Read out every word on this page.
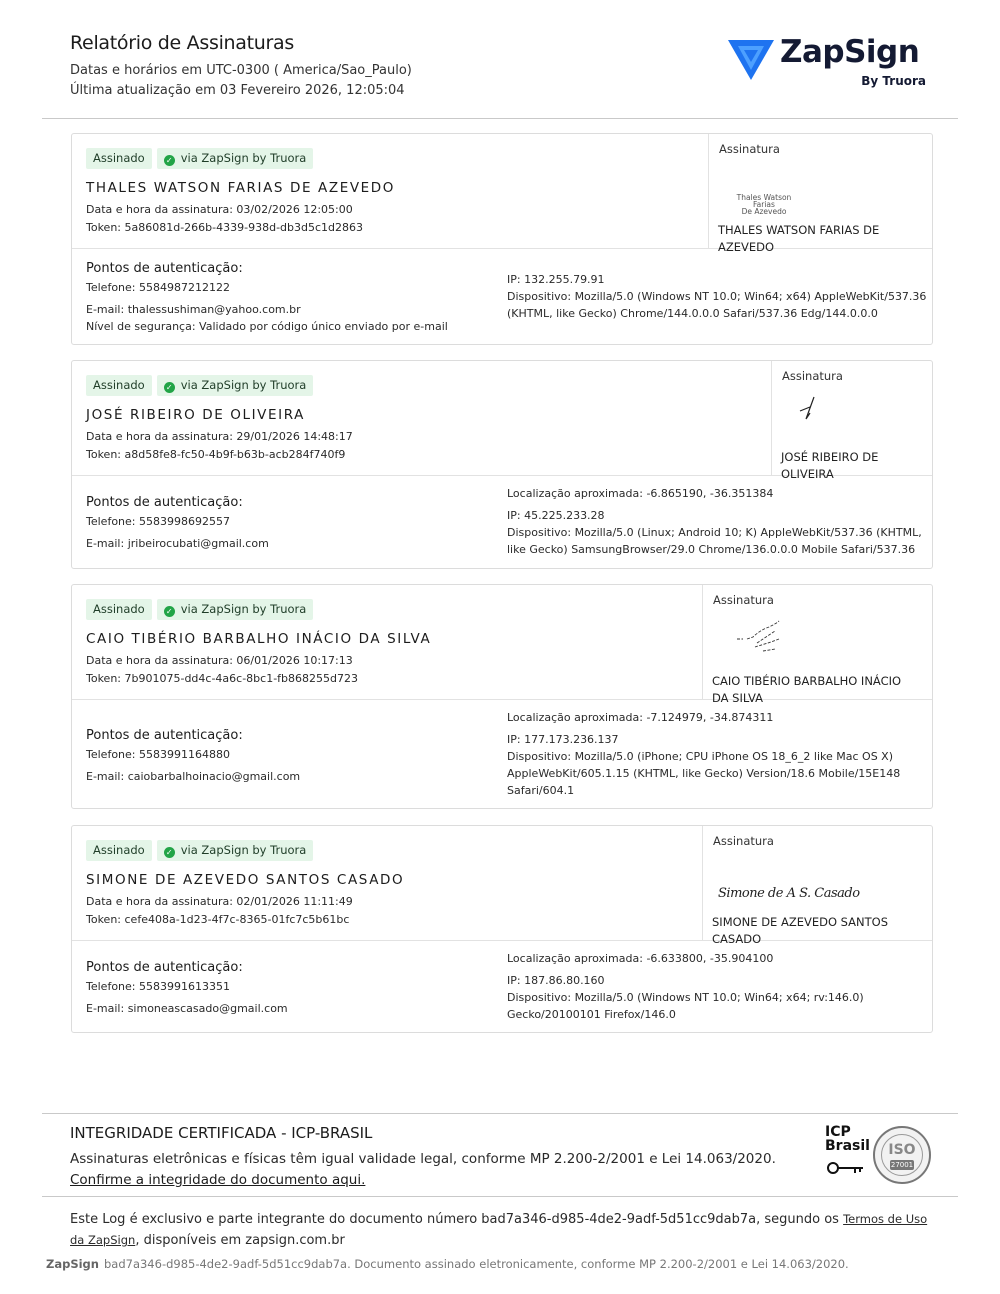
Relatório de Assinaturas
Datas e horários em UTC-0300 ( America/Sao_Paulo)
Última atualização em 03 Fevereiro 2026, 12:05:04
ZapSign
By Truora
Assinado	✓ via ZapSign by Truora
THALES WATSON FARIAS DE AZEVEDO
Data e hora da assinatura: 03/02/2026 12:05:00
Token: 5a86081d-266b-4339-938d-db3d5c1d2863
Assinatura
Thales Watson Farias
De Azevedo
THALES WATSON FARIAS DE AZEVEDO
Pontos de autenticação:
Telefone: 5584987212122
E-mail: thalessushiman@yahoo.com.br
Nível de segurança: Validado por código único enviado por e-mail
IP: 132.255.79.91
Dispositivo: Mozilla/5.0 (Windows NT 10.0; Win64; x64) AppleWebKit/537.36 (KHTML, like Gecko) Chrome/144.0.0.0 Safari/537.36 Edg/144.0.0.0
Assinado	✓ via ZapSign by Truora
JOSÉ RIBEIRO DE OLIVEIRA
Data e hora da assinatura: 29/01/2026 14:48:17
Token: a8d58fe8-fc50-4b9f-b63b-acb284f740f9
Assinatura
JOSÉ RIBEIRO DE OLIVEIRA
Pontos de autenticação:
Telefone: 5583998692557
E-mail: jribeirocubati@gmail.com
Localização aproximada: -6.865190, -36.351384
IP: 45.225.233.28
Dispositivo: Mozilla/5.0 (Linux; Android 10; K) AppleWebKit/537.36 (KHTML, like Gecko) SamsungBrowser/29.0 Chrome/136.0.0.0 Mobile Safari/537.36
Assinado	✓ via ZapSign by Truora
CAIO TIBÉRIO BARBALHO INÁCIO DA SILVA
Data e hora da assinatura: 06/01/2026 10:17:13
Token: 7b901075-dd4c-4a6c-8bc1-fb868255d723
Assinatura
CAIO TIBÉRIO BARBALHO INÁCIO DA SILVA
Pontos de autenticação:
Telefone: 5583991164880
E-mail: caiobarbalhoinacio@gmail.com
Localização aproximada: -7.124979, -34.874311
IP: 177.173.236.137
Dispositivo: Mozilla/5.0 (iPhone; CPU iPhone OS 18_6_2 like Mac OS X) AppleWebKit/605.1.15 (KHTML, like Gecko) Version/18.6 Mobile/15E148 Safari/604.1
Assinado	✓ via ZapSign by Truora
SIMONE DE AZEVEDO SANTOS CASADO
Data e hora da assinatura: 02/01/2026 11:11:49
Token: cefe408a-1d23-4f7c-8365-01fc7c5b61bc
Assinatura
Simone de A S. Casado
SIMONE DE AZEVEDO SANTOS CASADO
Pontos de autenticação:
Telefone: 5583991613351
E-mail: simoneascasado@gmail.com
Localização aproximada: -6.633800, -35.904100
IP: 187.86.80.160
Dispositivo: Mozilla/5.0 (Windows NT 10.0; Win64; x64; rv:146.0) Gecko/20100101 Firefox/146.0
INTEGRIDADE CERTIFICADA - ICP-BRASIL
Assinaturas eletrônicas e físicas têm igual validade legal, conforme MP 2.200-2/2001 e Lei 14.063/2020.
Confirme a integridade do documento aqui.
ICP Brasil	ISO
27001
Este Log é exclusivo e parte integrante do documento número bad7a346-d985-4de2-9adf-5d51cc9dab7a, segundo os Termos de Uso da ZapSign, disponíveis em zapsign.com.br
ZapSign bad7a346-d985-4de2-9adf-5d51cc9dab7a. Documento assinado eletronicamente, conforme MP 2.200-2/2001 e Lei 14.063/2020.
